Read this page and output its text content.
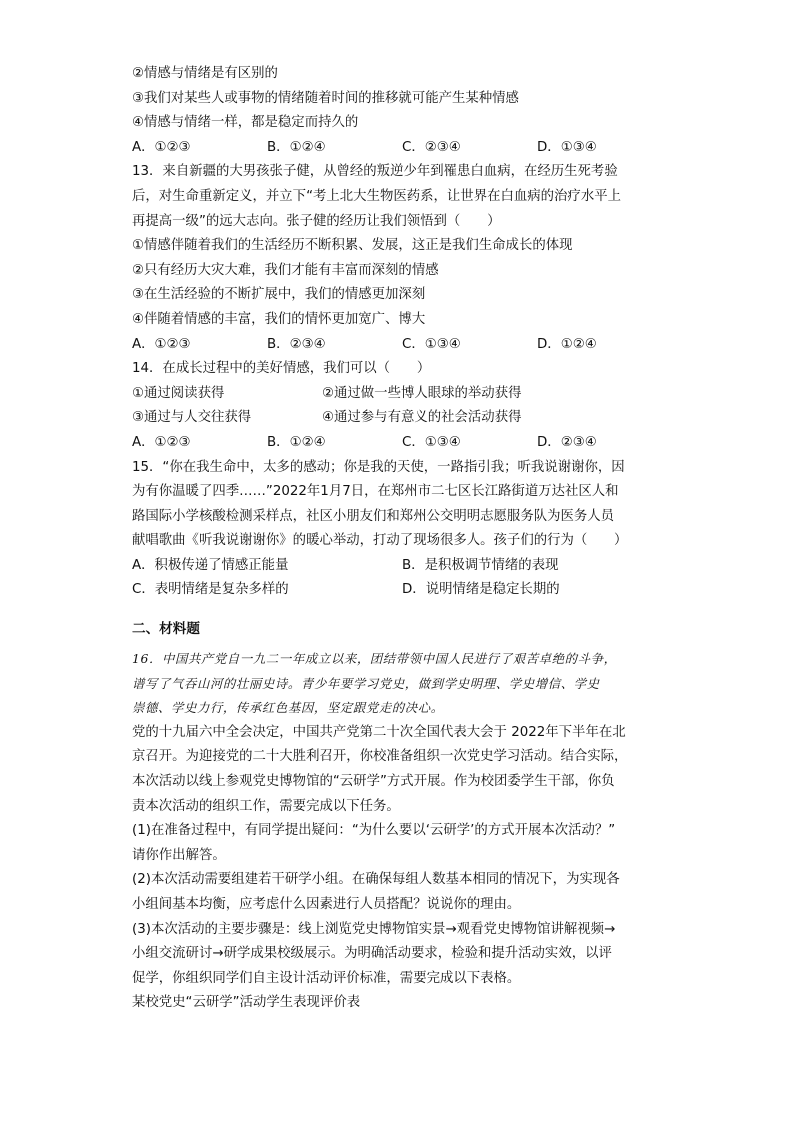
②情感与情绪是有区别的
③我们对某些人或事物的情绪随着时间的推移就可能产生某种情感
④情感与情绪一样，都是稳定而持久的
A．①②③	B．①②④	C．②③④	D．①③④
13．来自新疆的大男孩张子健，从曾经的叛逆少年到罹患白血病，在经历生死考验
后，对生命重新定义，并立下“考上北大生物医药系，让世界在白血病的治疗水平上
再提高一级”的远大志向。张子健的经历让我们领悟到（　　）
①情感伴随着我们的生活经历不断积累、发展，这正是我们生命成长的体现
②只有经历大灾大难，我们才能有丰富而深刻的情感
③在生活经验的不断扩展中，我们的情感更加深刻
④伴随着情感的丰富，我们的情怀更加宽广、博大
A．①②③	B．②③④	C．①③④	D．①②④
14．在成长过程中的美好情感，我们可以（　　）
①通过阅读获得	②通过做一些博人眼球的举动获得
③通过与人交往获得	④通过参与有意义的社会活动获得
A．①②③	B．①②④	C．①③④	D．②③④
15．“你在我生命中，太多的感动；你是我的天使，一路指引我；听我说谢谢你，因
为有你温暖了四季……”2022年1月7日，在郑州市二七区长江路街道万达社区人和
路国际小学核酸检测采样点，社区小朋友们和郑州公交明明志愿服务队为医务人员
献唱歌曲《听我说谢谢你》的暖心举动，打动了现场很多人。孩子们的行为（　　）
A．积极传递了情感正能量	B．是积极调节情绪的表现
C．表明情绪是复杂多样的	D．说明情绪是稳定长期的
二、材料题
16．中国共产党自一九二一年成立以来，团结带领中国人民进行了艰苦卓绝的斗争，
谱写了气吞山河的壮丽史诗。青少年要学习党史，做到学史明理、学史增信、学史
崇德、学史力行，传承红色基因，坚定跟党走的决心。
党的十九届六中全会决定，中国共产党第二十次全国代表大会于 2022年下半年在北
京召开。为迎接党的二十大胜利召开，你校准备组织一次党史学习活动。结合实际，
本次活动以线上参观党史博物馆的“云研学”方式开展。作为校团委学生干部，你负
责本次活动的组织工作，需要完成以下任务。
(1)在准备过程中，有同学提出疑问：“为什么要以‘云研学’的方式开展本次活动？”
请你作出解答。
(2)本次活动需要组建若干研学小组。在确保每组人数基本相同的情况下，为实现各
小组间基本均衡，应考虑什么因素进行人员搭配？说说你的理由。
(3)本次活动的主要步骤是：线上浏览党史博物馆实景→观看党史博物馆讲解视频→
小组交流研讨→研学成果校级展示。为明确活动要求，检验和提升活动实效，以评
促学，你组织同学们自主设计活动评价标准，需要完成以下表格。
某校党史“云研学”活动学生表现评价表
